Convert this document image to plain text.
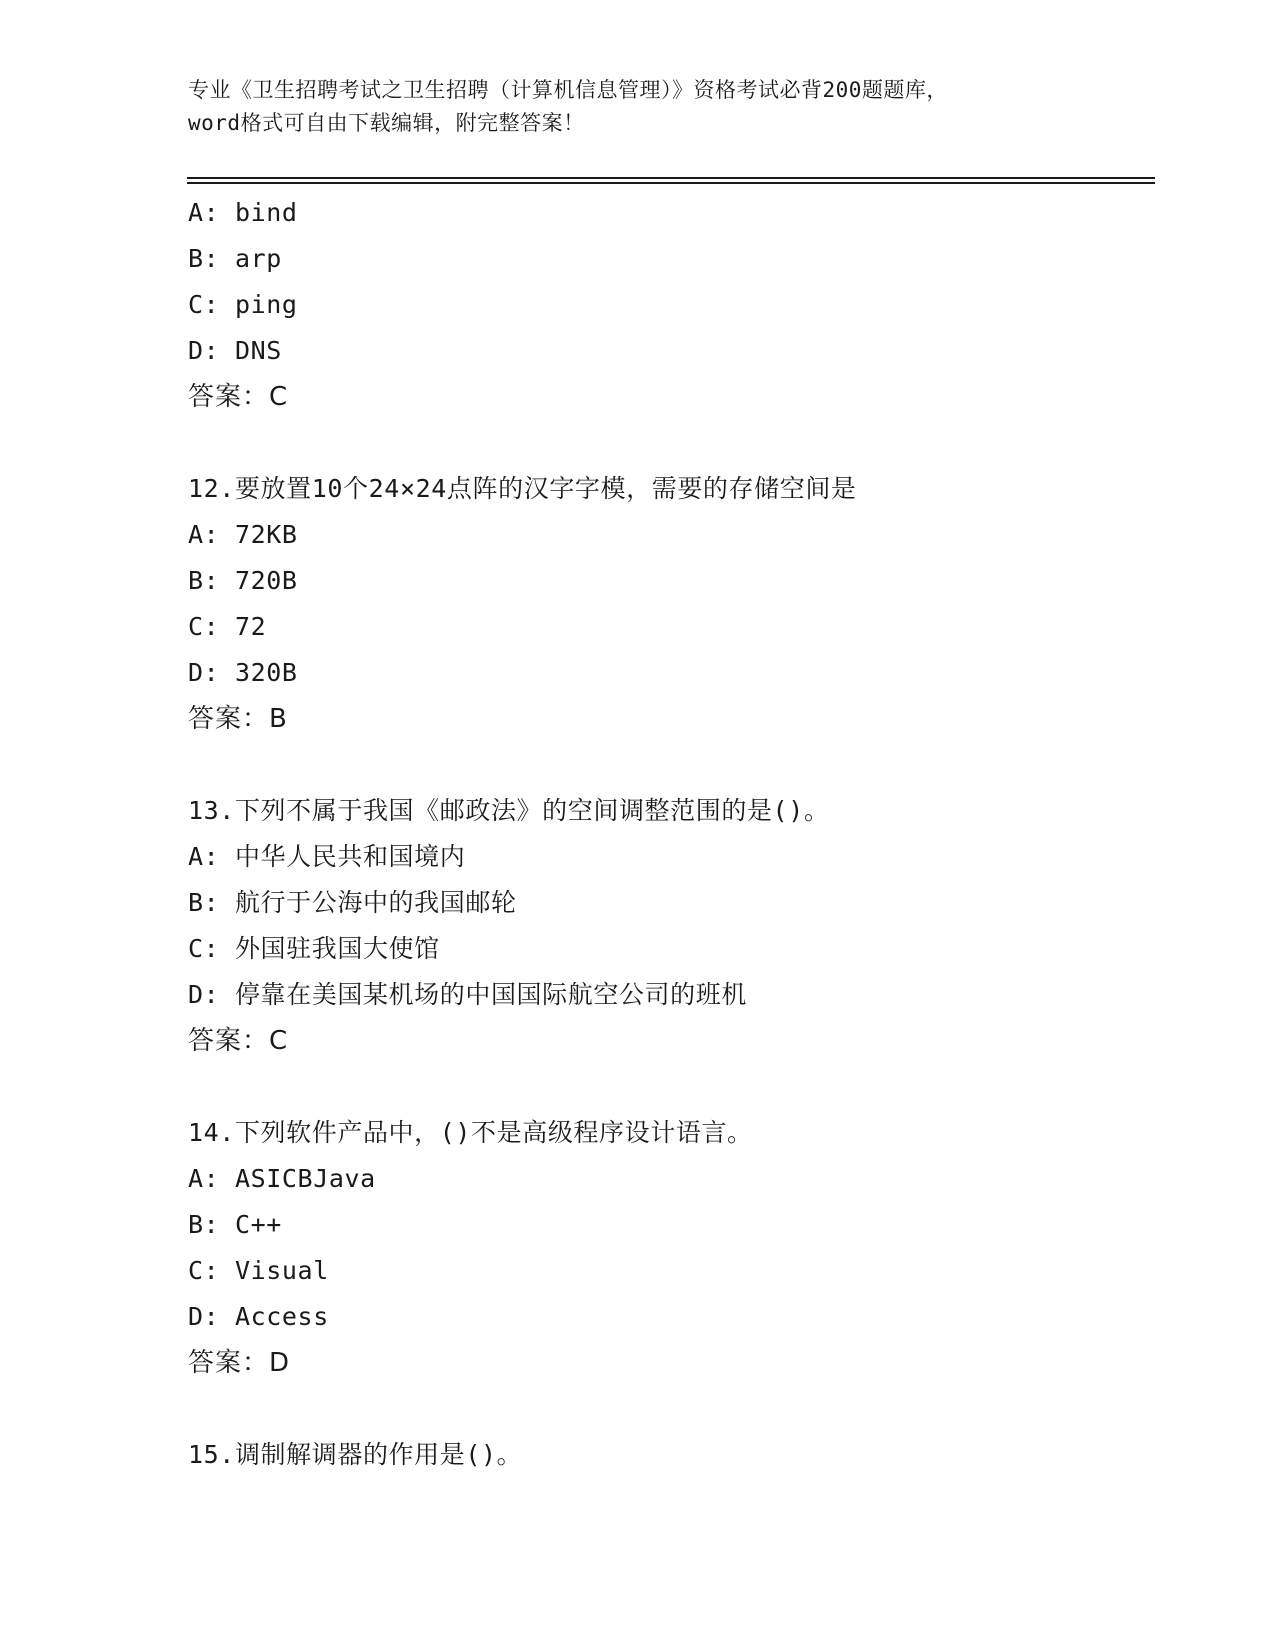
专业《卫生招聘考试之卫生招聘（计算机信息管理）》资格考试必背200题题库，
word格式可自由下载编辑，附完整答案！
A: bind
B: arp
C: ping
D: DNS
答案：C
12.要放置10个24×24点阵的汉字字模，需要的存储空间是
A: 72KB
B: 720B
C: 72
D: 320B
答案：B
13.下列不属于我国《邮政法》的空间调整范围的是()。
A: 中华人民共和国境内
B: 航行于公海中的我国邮轮
C: 外国驻我国大使馆
D: 停靠在美国某机场的中国国际航空公司的班机
答案：C
14.下列软件产品中，()不是高级程序设计语言。
A: ASICBJava
B: C++
C: Visual
D: Access
答案：D
15.调制解调器的作用是()。
